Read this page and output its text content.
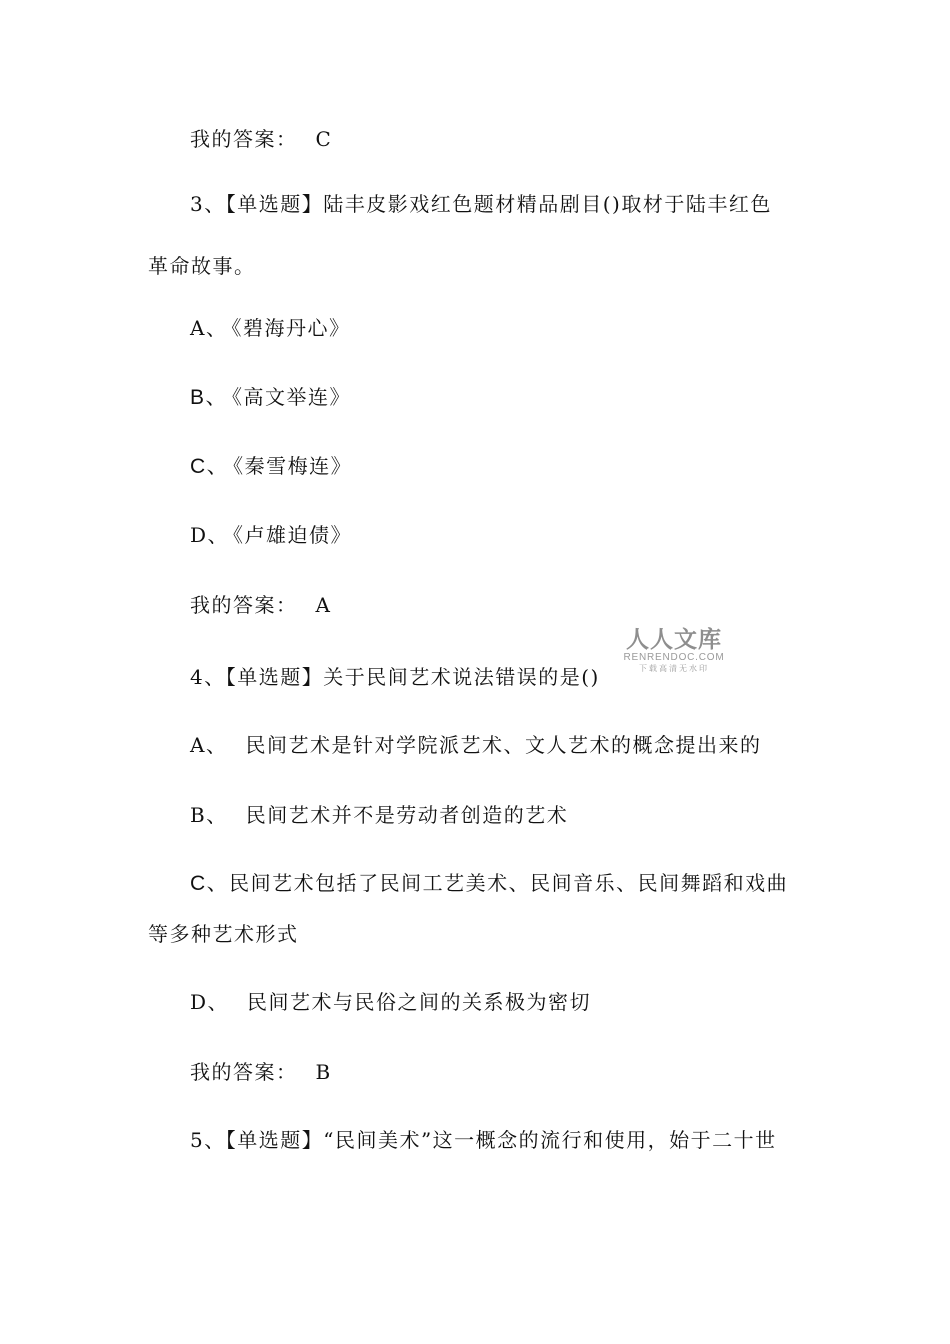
我的答案： C
3、【单选题】陆丰皮影戏红色题材精品剧目()取材于陆丰红色
革命故事。
A、 《碧海丹心》
B、 《高文举连》
C、 《秦雪梅连》
D、 《卢雄迫债》
我的答案： A
人人文库
RENRENDOC.COM
下载高清无水印
4、【单选题】关于民间艺术说法错误的是()
A、 民间艺术是针对学院派艺术、文人艺术的概念提出来的
B、 民间艺术并不是劳动者创造的艺术
C、民间艺术包括了民间工艺美术、民间音乐、民间舞蹈和戏曲
等多种艺术形式
D、 民间艺术与民俗之间的关系极为密切
我的答案： B
5、【单选题】“民间美术”这一概念的流行和使用，始于二十世
